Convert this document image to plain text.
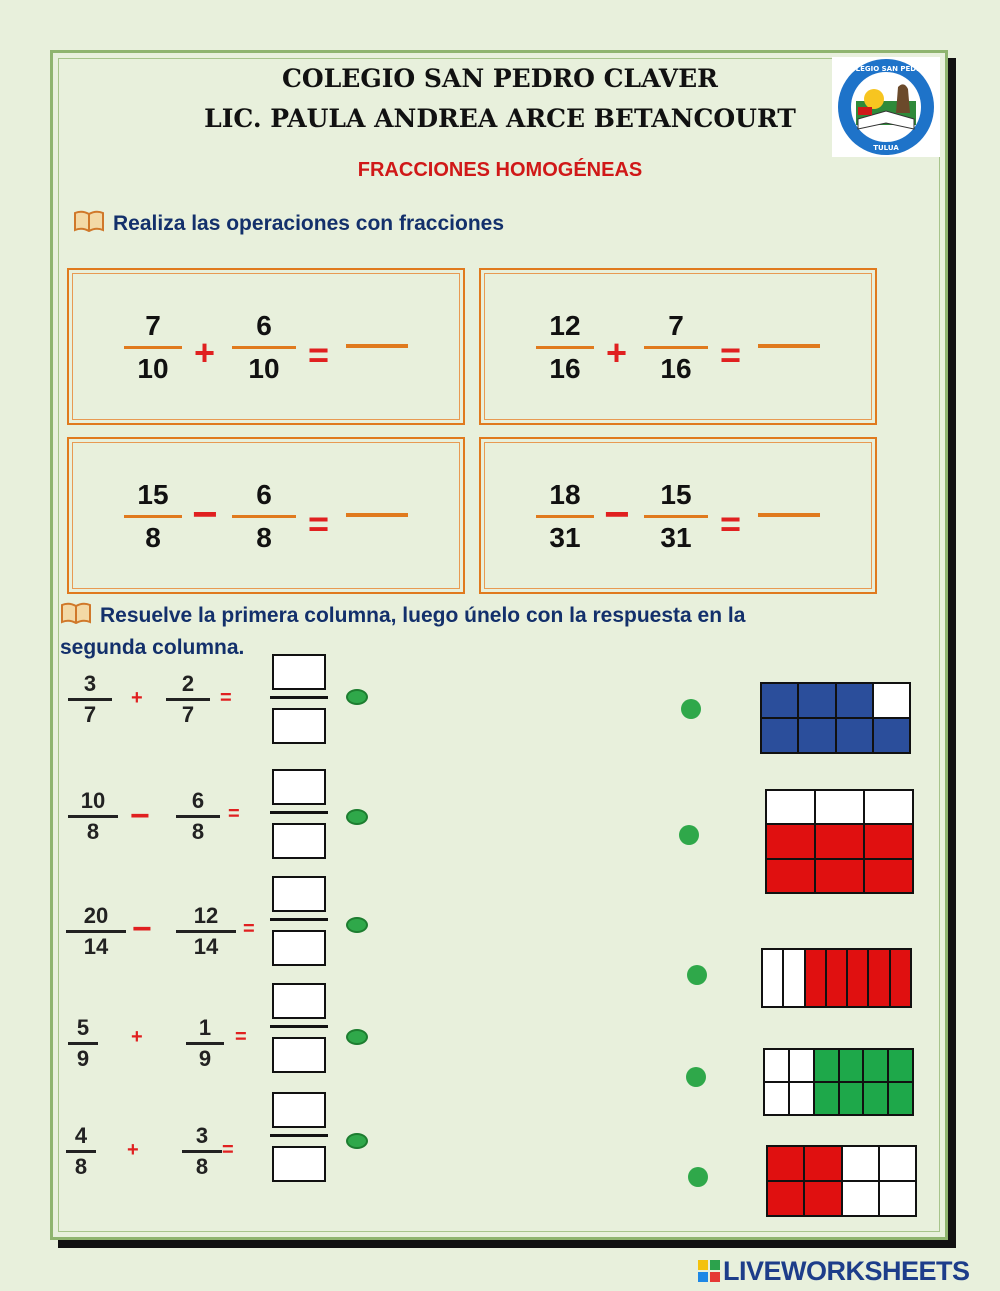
COLEGIO SAN PEDRO CLAVER
LIC. PAULA ANDREA ARCE BETANCOURT
FRACCIONES HOMOGÉNEAS
COLEGIO SAN PEDRO
TULUA
Realiza las operaciones con fracciones
7
10 +
6
10 =
12
16 +
7
16 =
15
8 −	6
8	=
18
31 −	15
31 =
Resuelve la primera columna, luego únelo con la respuesta en la
segunda columna.
3
7
+
2
7
=
10
8 −	6
8
=
20
14 −	12
14
=
5
9
+	1
9
=
4
8
+
3
8
=
LIVEWORKSHEETS
